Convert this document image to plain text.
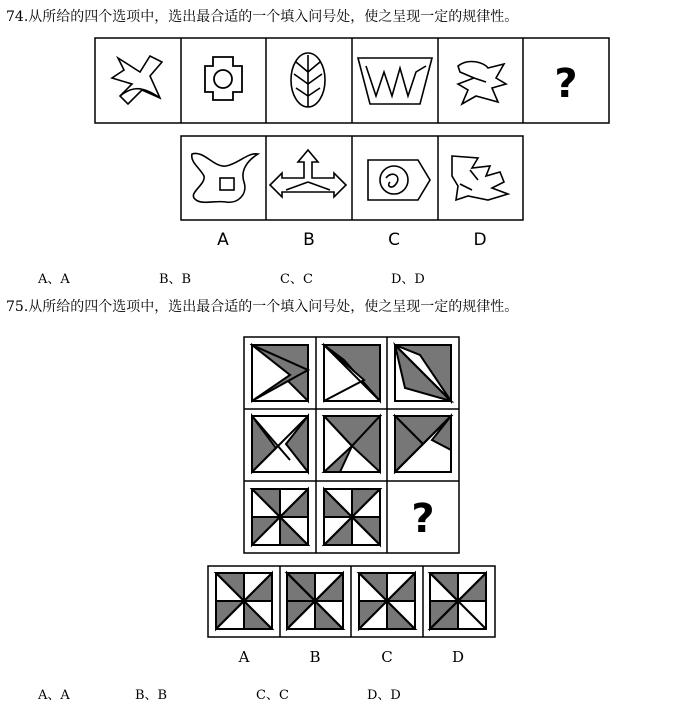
74.从所给的四个选项中，选出最合适的一个填入问号处，使之呈现一定的规律性。
?
A	B	C	D
A、A	B、B	C、C	D、D
75.从所给的四个选项中，选出最合适的一个填入问号处，使之呈现一定的规律性。
?
A	B	C	D
A、A	B、B	C、C	D、D
